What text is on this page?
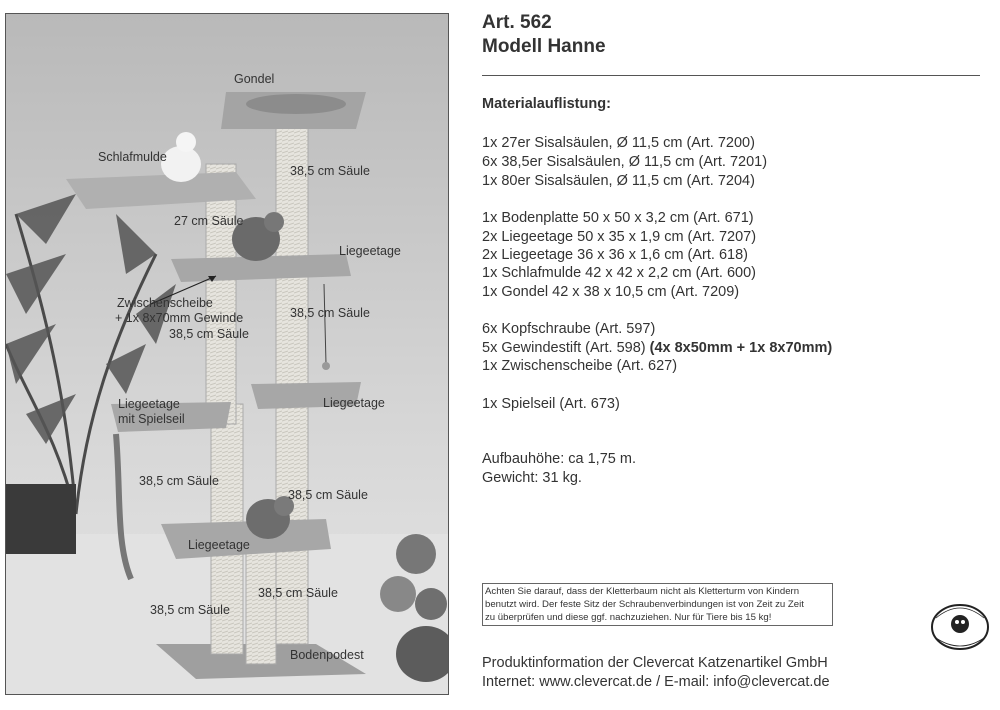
Gondel
Schlafmulde
38,5 cm Säule
27 cm Säule
Liegeetage
Zwischenscheibe
+ 1x 8x70mm Gewinde
38,5 cm Säule
38,5 cm Säule
Liegeetage
Liegeetage
mit Spielseil
38,5 cm Säule
38,5 cm Säule
Liegeetage
38,5 cm Säule
38,5 cm Säule
Bodenpodest
Art. 562
Modell Hanne
Materialauflistung:
1x 27er Sisalsäulen, Ø 11,5 cm (Art. 7200)
6x 38,5er Sisalsäulen, Ø 11,5 cm (Art. 7201)
1x 80er Sisalsäulen, Ø 11,5 cm (Art. 7204)
1x Bodenplatte 50 x 50 x 3,2 cm (Art. 671)
2x Liegeetage 50 x 35 x 1,9 cm (Art. 7207)
2x Liegeetage 36 x 36 x 1,6 cm (Art. 618)
1x Schlafmulde 42 x 42 x 2,2 cm (Art. 600)
1x Gondel 42 x 38 x 10,5 cm (Art. 7209)
6x Kopfschraube (Art. 597)
5x Gewindestift (Art. 598) (4x 8x50mm + 1x 8x70mm)
1x Zwischenscheibe (Art. 627)
1x Spielseil (Art. 673)
Aufbauhöhe: ca 1,75 m.
Gewicht: 31 kg.
Achten Sie darauf, dass der Kletterbaum nicht als Kletterturm von Kindern
benutzt wird. Der feste Sitz der Schraubenverbindungen ist von Zeit zu Zeit
zu überprüfen und diese ggf. nachzuziehen. Nur für Tiere bis 15 kg!
Produktinformation der Clevercat Katzenartikel GmbH
Internet: www.clevercat.de / E-mail: info@clevercat.de
